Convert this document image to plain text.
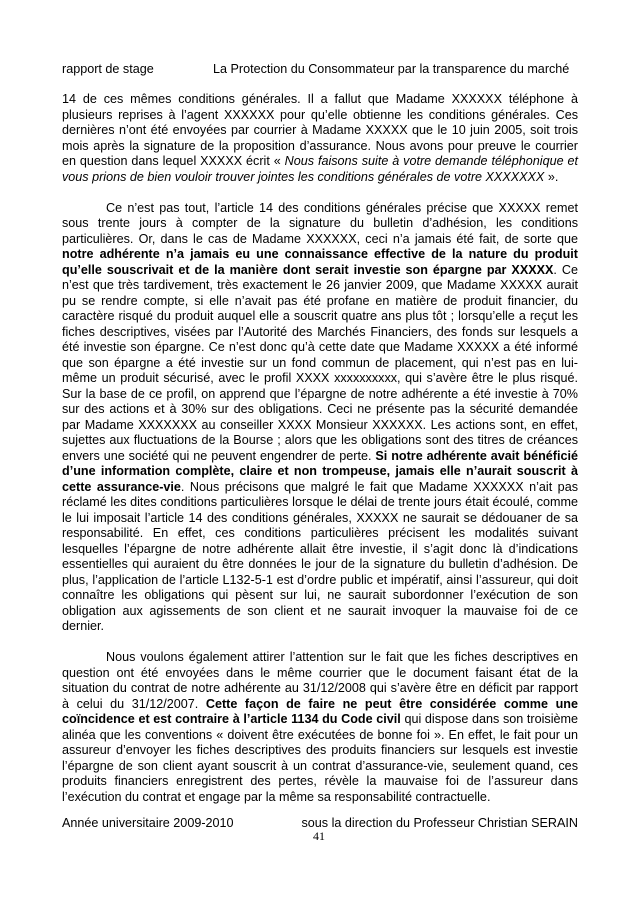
rapport de stage	La Protection du Consommateur par la transparence du marché

14 de ces mêmes conditions générales. Il a fallut que Madame XXXXXX téléphone à plusieurs reprises à l’agent XXXXXX pour qu’elle obtienne les conditions générales. Ces dernières n’ont été envoyées par courrier à Madame XXXXX que le 10 juin 2005, soit trois mois après la signature de la proposition d’assurance. Nous avons pour preuve le courrier en question dans lequel XXXXX écrit « Nous faisons suite à votre demande téléphonique et vous prions de bien vouloir trouver jointes les conditions générales de votre XXXXXXX ».

Ce n’est pas tout, l’article 14 des conditions générales précise que XXXXX remet sous trente jours à compter de la signature du bulletin d’adhésion, les conditions particulières. Or, dans le cas de Madame XXXXXX, ceci n’a jamais été fait, de sorte que notre adhérente n’a jamais eu une connaissance effective de la nature du produit qu’elle souscrivait et de la manière dont serait investie son épargne par XXXXX. Ce n’est que très tardivement, très exactement le 26 janvier 2009, que Madame XXXXX aurait pu se rendre compte, si elle n’avait pas été profane en matière de produit financier, du caractère risqué du produit auquel elle a souscrit quatre ans plus tôt ; lorsqu’elle a reçut les fiches descriptives, visées par l’Autorité des Marchés Financiers, des fonds sur lesquels a été investie son épargne. Ce n’est donc qu’à cette date que Madame XXXXX a été informé que son épargne a été investie sur un fond commun de placement, qui n’est pas en lui-même un produit sécurisé, avec le profil XXXX xxxxxxxxxx, qui s’avère être le plus risqué. Sur la base de ce profil, on apprend que l’épargne de notre adhérente a été investie à 70% sur des actions et à 30% sur des obligations. Ceci ne présente pas la sécurité demandée par Madame XXXXXXX au conseiller XXXX Monsieur XXXXXX. Les actions sont, en effet, sujettes aux fluctuations de la Bourse ; alors que les obligations sont des titres de créances envers une société qui ne peuvent engendrer de perte. Si notre adhérente avait bénéficié d’une information complète, claire et non trompeuse, jamais elle n’aurait souscrit à cette assurance-vie. Nous précisons que malgré le fait que Madame XXXXXX n’ait pas réclamé les dites conditions particulières lorsque le délai de trente jours était écoulé, comme le lui imposait l’article 14 des conditions générales, XXXXX ne saurait se dédouaner de sa responsabilité. En effet, ces conditions particulières précisent les modalités suivant lesquelles l’épargne de notre adhérente allait être investie, il s’agit donc là d’indications essentielles qui auraient du être données le jour de la signature du bulletin d’adhésion. De plus, l’application de l’article L132-5-1 est d’ordre public et impératif, ainsi l’assureur, qui doit connaître les obligations qui pèsent sur lui, ne saurait subordonner l’exécution de son obligation aux agissements de son client et ne saurait invoquer la mauvaise foi de ce dernier.

Nous voulons également attirer l’attention sur le fait que les fiches descriptives en question ont été envoyées dans le même courrier que le document faisant état de la situation du contrat de notre adhérente au 31/12/2008 qui s’avère être en déficit par rapport à celui du 31/12/2007. Cette façon de faire ne peut être considérée comme une coïncidence et est contraire à l’article 1134 du Code civil qui dispose dans son troisième alinéa que les conventions « doivent être exécutées de bonne foi ». En effet, le fait pour un assureur d’envoyer les fiches descriptives des produits financiers sur lesquels est investie l’épargne de son client ayant souscrit à un contrat d’assurance-vie, seulement quand, ces produits financiers enregistrent des pertes, révèle la mauvaise foi de l’assureur dans l’exécution du contrat et engage par la même sa responsabilité contractuelle.

Année universitaire 2009-2010	sous la direction du Professeur Christian SERAIN
41
